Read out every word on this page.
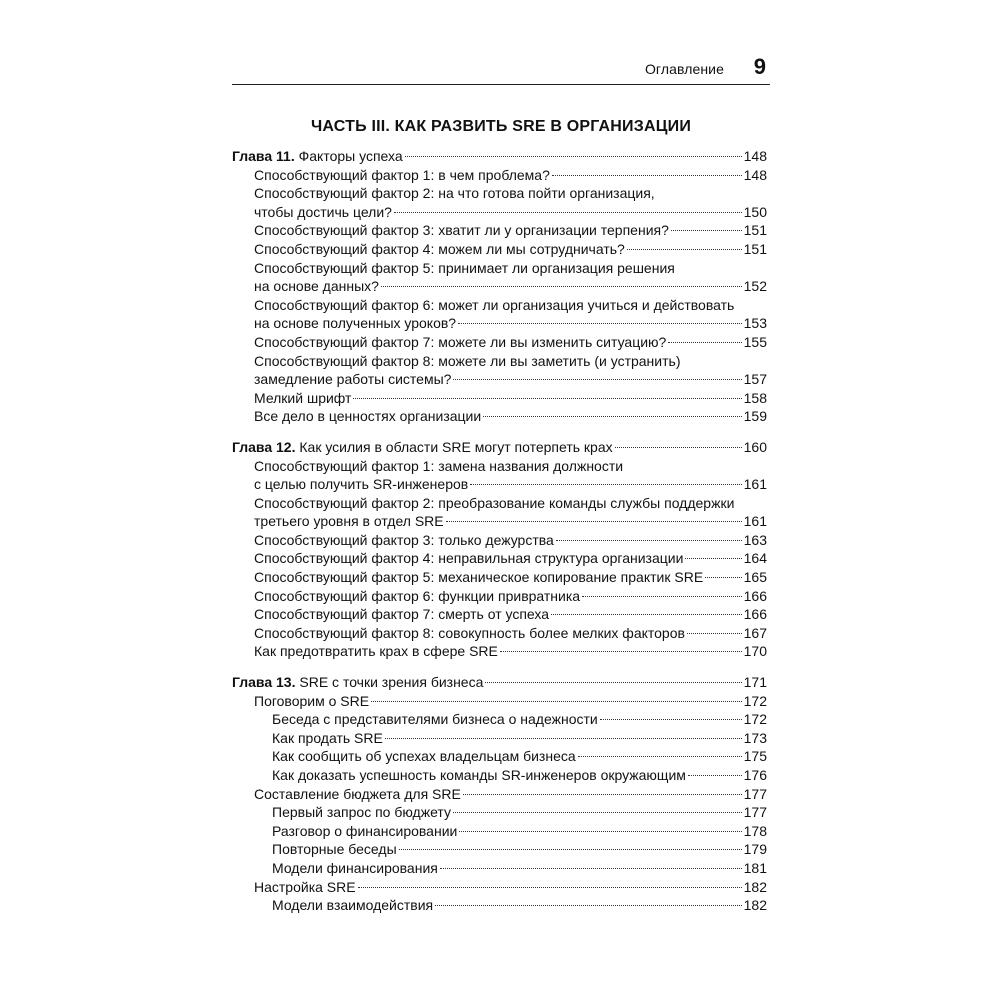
Оглавление 9
ЧАСТЬ III. КАК РАЗВИТЬ SRE В ОРГАНИЗАЦИИ
Глава 11. Факторы успеха	148
Способствующий фактор 1: в чем проблема?	148
Способствующий фактор 2: на что готова пойти организация,
чтобы достичь цели?	150
Способствующий фактор 3: хватит ли у организации терпения?	151
Способствующий фактор 4: можем ли мы сотрудничать?	151
Способствующий фактор 5: принимает ли организация решения
на основе данных?	152
Способствующий фактор 6: может ли организация учиться и действовать
на основе полученных уроков?	153
Способствующий фактор 7: можете ли вы изменить ситуацию?	155
Способствующий фактор 8: можете ли вы заметить (и устранить)
замедление работы системы?	157
Мелкий шрифт	158
Все дело в ценностях организации	159
Глава 12. Как усилия в области SRE могут потерпеть крах	160
Способствующий фактор 1: замена названия должности
с целью получить SR-инженеров	161
Способствующий фактор 2: преобразование команды службы поддержки
третьего уровня в отдел SRE	161
Способствующий фактор 3: только дежурства	163
Способствующий фактор 4: неправильная структура организации	164
Способствующий фактор 5: механическое копирование практик SRE	165
Способствующий фактор 6: функции привратника	166
Способствующий фактор 7: смерть от успеха	166
Способствующий фактор 8: совокупность более мелких факторов	167
Как предотвратить крах в сфере SRE	170
Глава 13. SRE с точки зрения бизнеса	171
Поговорим о SRE	172
Беседа с представителями бизнеса о надежности	172
Как продать SRE	173
Как сообщить об успехах владельцам бизнеса	175
Как доказать успешность команды SR-инженеров окружающим	176
Составление бюджета для SRE	177
Первый запрос по бюджету	177
Разговор о финансировании	178
Повторные беседы	179
Модели финансирования	181
Настройка SRE	182
Модели взаимодействия	182
